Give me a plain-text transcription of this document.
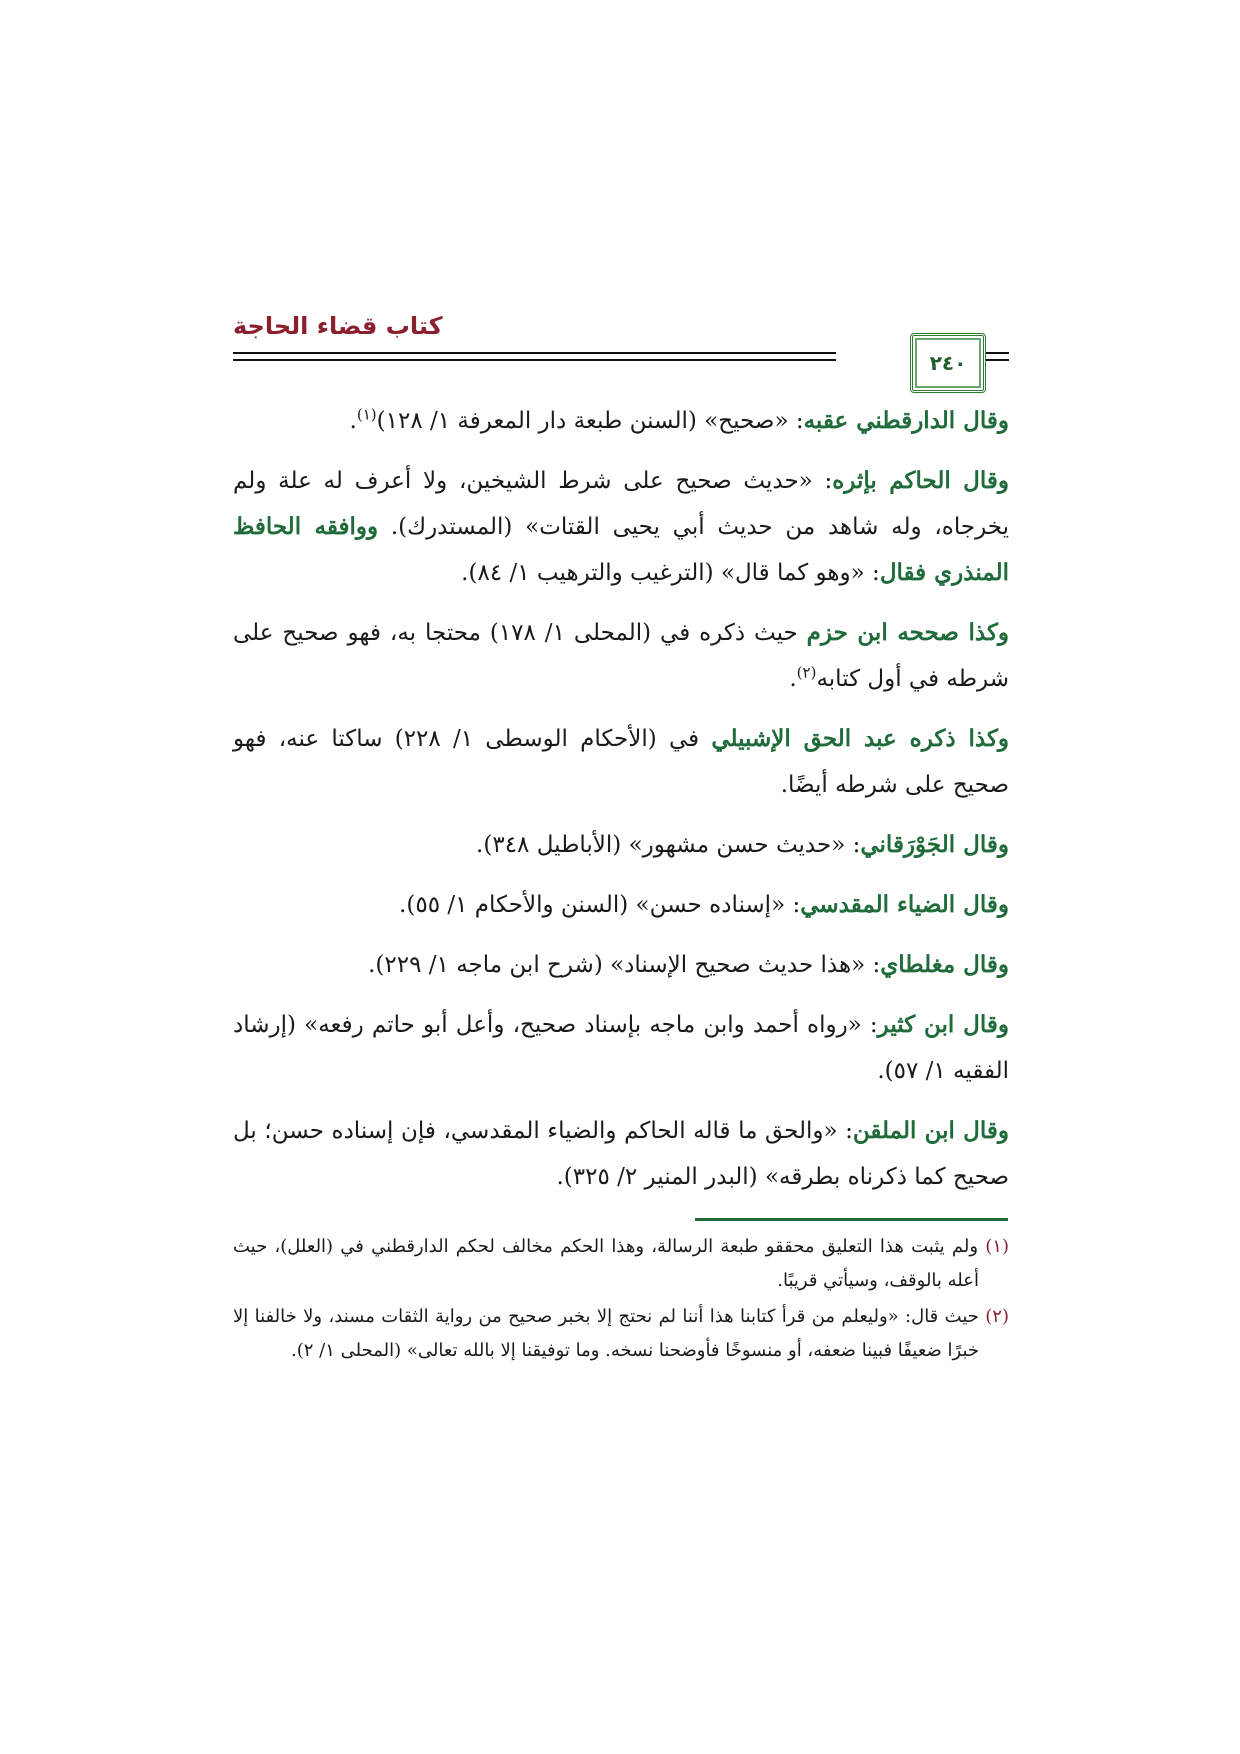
كتاب قضاء الحاجة
٢٤٠

وقال الدارقطني عقبه: «صحيح» (السنن طبعة دار المعرفة ١/ ١٢٨)$^{(١)}$.

وقال الحاكم بإثره: «حديث صحيح على شرط الشيخين، ولا أعرف له علة ولم يخرجاه، وله شاهد من حديث أبي يحيى القتات» (المستدرك). ووافقه الحافظ المنذري فقال: «وهو كما قال» (الترغيب والترهيب ١/ ٨٤).

وكذا صححه ابن حزم حيث ذكره في (المحلى ١/ ١٧٨) محتجا به، فهو صحيح على شرطه في أول كتابه$^{(٢)}$.

وكذا ذكره عبد الحق الإشبيلي في (الأحكام الوسطى ١/ ٢٢٨) ساكتا عنه، فهو صحيح على شرطه أيضًا.

وقال الجَوْرَقاني: «حديث حسن مشهور» (الأباطيل ٣٤٨).

وقال الضياء المقدسي: «إسناده حسن» (السنن والأحكام ١/ ٥٥).

وقال مغلطاي: «هذا حديث صحيح الإسناد» (شرح ابن ماجه ١/ ٢٢٩).

وقال ابن كثير: «رواه أحمد وابن ماجه بإسناد صحيح، وأعل أبو حاتم رفعه» (إرشاد الفقيه ١/ ٥٧).

وقال ابن الملقن: «والحق ما قاله الحاكم والضياء المقدسي، فإن إسناده حسن؛ بل صحيح كما ذكرناه بطرقه» (البدر المنير ٢/ ٣٢٥).

(١) ولم يثبت هذا التعليق محققو طبعة الرسالة، وهذا الحكم مخالف لحكم الدارقطني في (العلل)، حيث أعله بالوقف، وسيأتي قريبًا.

(٢) حيث قال: «وليعلم من قرأ كتابنا هذا أننا لم نحتج إلا بخبر صحيح من رواية الثقات مسند، ولا خالفنا إلا خبرًا ضعيفًا فبينا ضعفه، أو منسوخًا فأوضحنا نسخه. وما توفيقنا إلا بالله تعالى» (المحلى ١/ ٢).
